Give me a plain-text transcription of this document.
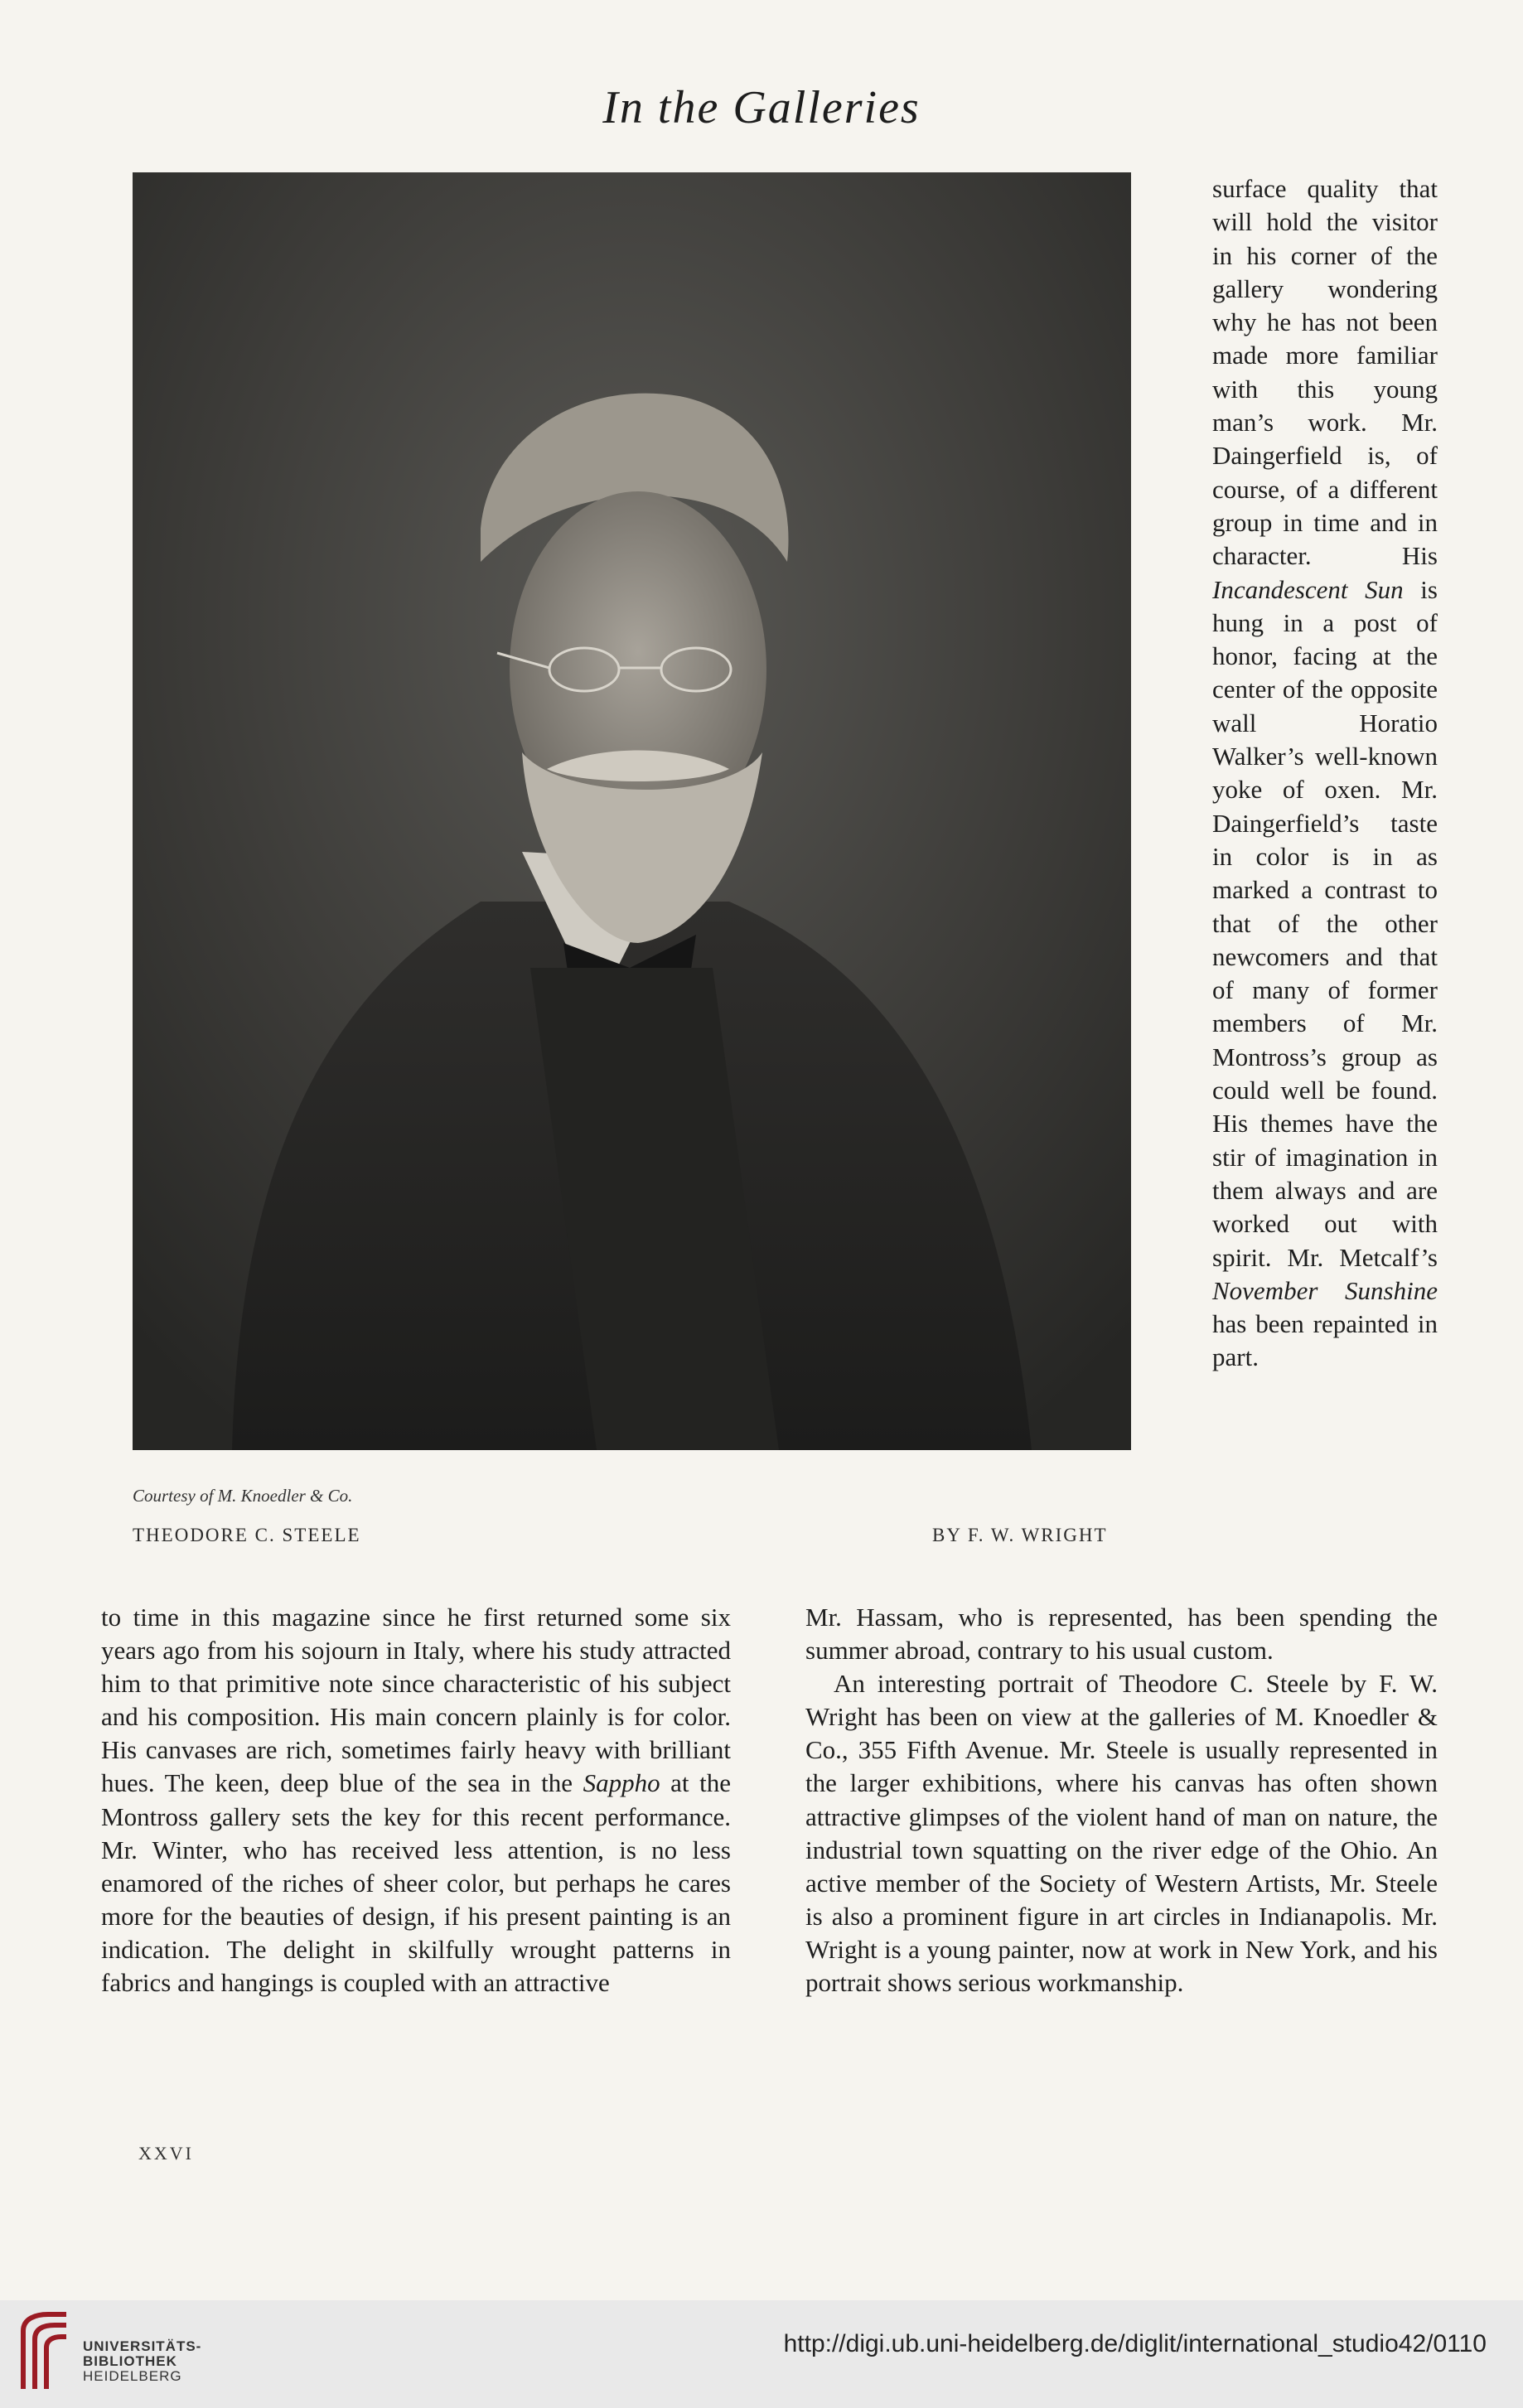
In the Galleries
Courtesy of M. Knoedler & Co.
THEODORE C. STEELE	BY F. W. WRIGHT
surface quality that will hold the visitor in his corner of the gallery wondering why he has not been made more familiar with this young man’s work. Mr. Daingerfield is, of course, of a different group in time and in character. His Incandescent Sun is hung in a post of honor, facing at the center of the opposite wall Horatio Walker’s well-known yoke of oxen. Mr. Daingerfield’s taste in color is in as marked a contrast to that of the other newcomers and that of many of former members of Mr. Montross’s group as could well be found. His themes have the stir of imagination in them always and are worked out with spirit. Mr. Metcalf’s November Sunshine has been repainted in part.

to time in this magazine since he first returned some six years ago from his sojourn in Italy, where his study attracted him to that primitive note since characteristic of his subject and his composition. His main concern plainly is for color. His canvases are rich, sometimes fairly heavy with brilliant hues. The keen, deep blue of the sea in the Sappho at the Montross gallery sets the key for this recent performance. Mr. Winter, who has received less attention, is no less enamored of the riches of sheer color, but perhaps he cares more for the beauties of design, if his present painting is an indication. The delight in skilfully wrought patterns in fabrics and hangings is coupled with an attractive

Mr. Hassam, who is represented, has been spending the summer abroad, contrary to his usual custom.

An interesting portrait of Theodore C. Steele by F. W. Wright has been on view at the galleries of M. Knoedler & Co., 355 Fifth Avenue. Mr. Steele is usually represented in the larger exhibitions, where his canvas has often shown attractive glimpses of the violent hand of man on nature, the industrial town squatting on the river edge of the Ohio. An active member of the Society of Western Artists, Mr. Steele is also a prominent figure in art circles in Indianapolis. Mr. Wright is a young painter, now at work in New York, and his portrait shows serious workmanship.

XXVI
UNIVERSITÄTS-
BIBLIOTHEK
HEIDELBERG
http://digi.ub.uni-heidelberg.de/diglit/international_studio42/0110
